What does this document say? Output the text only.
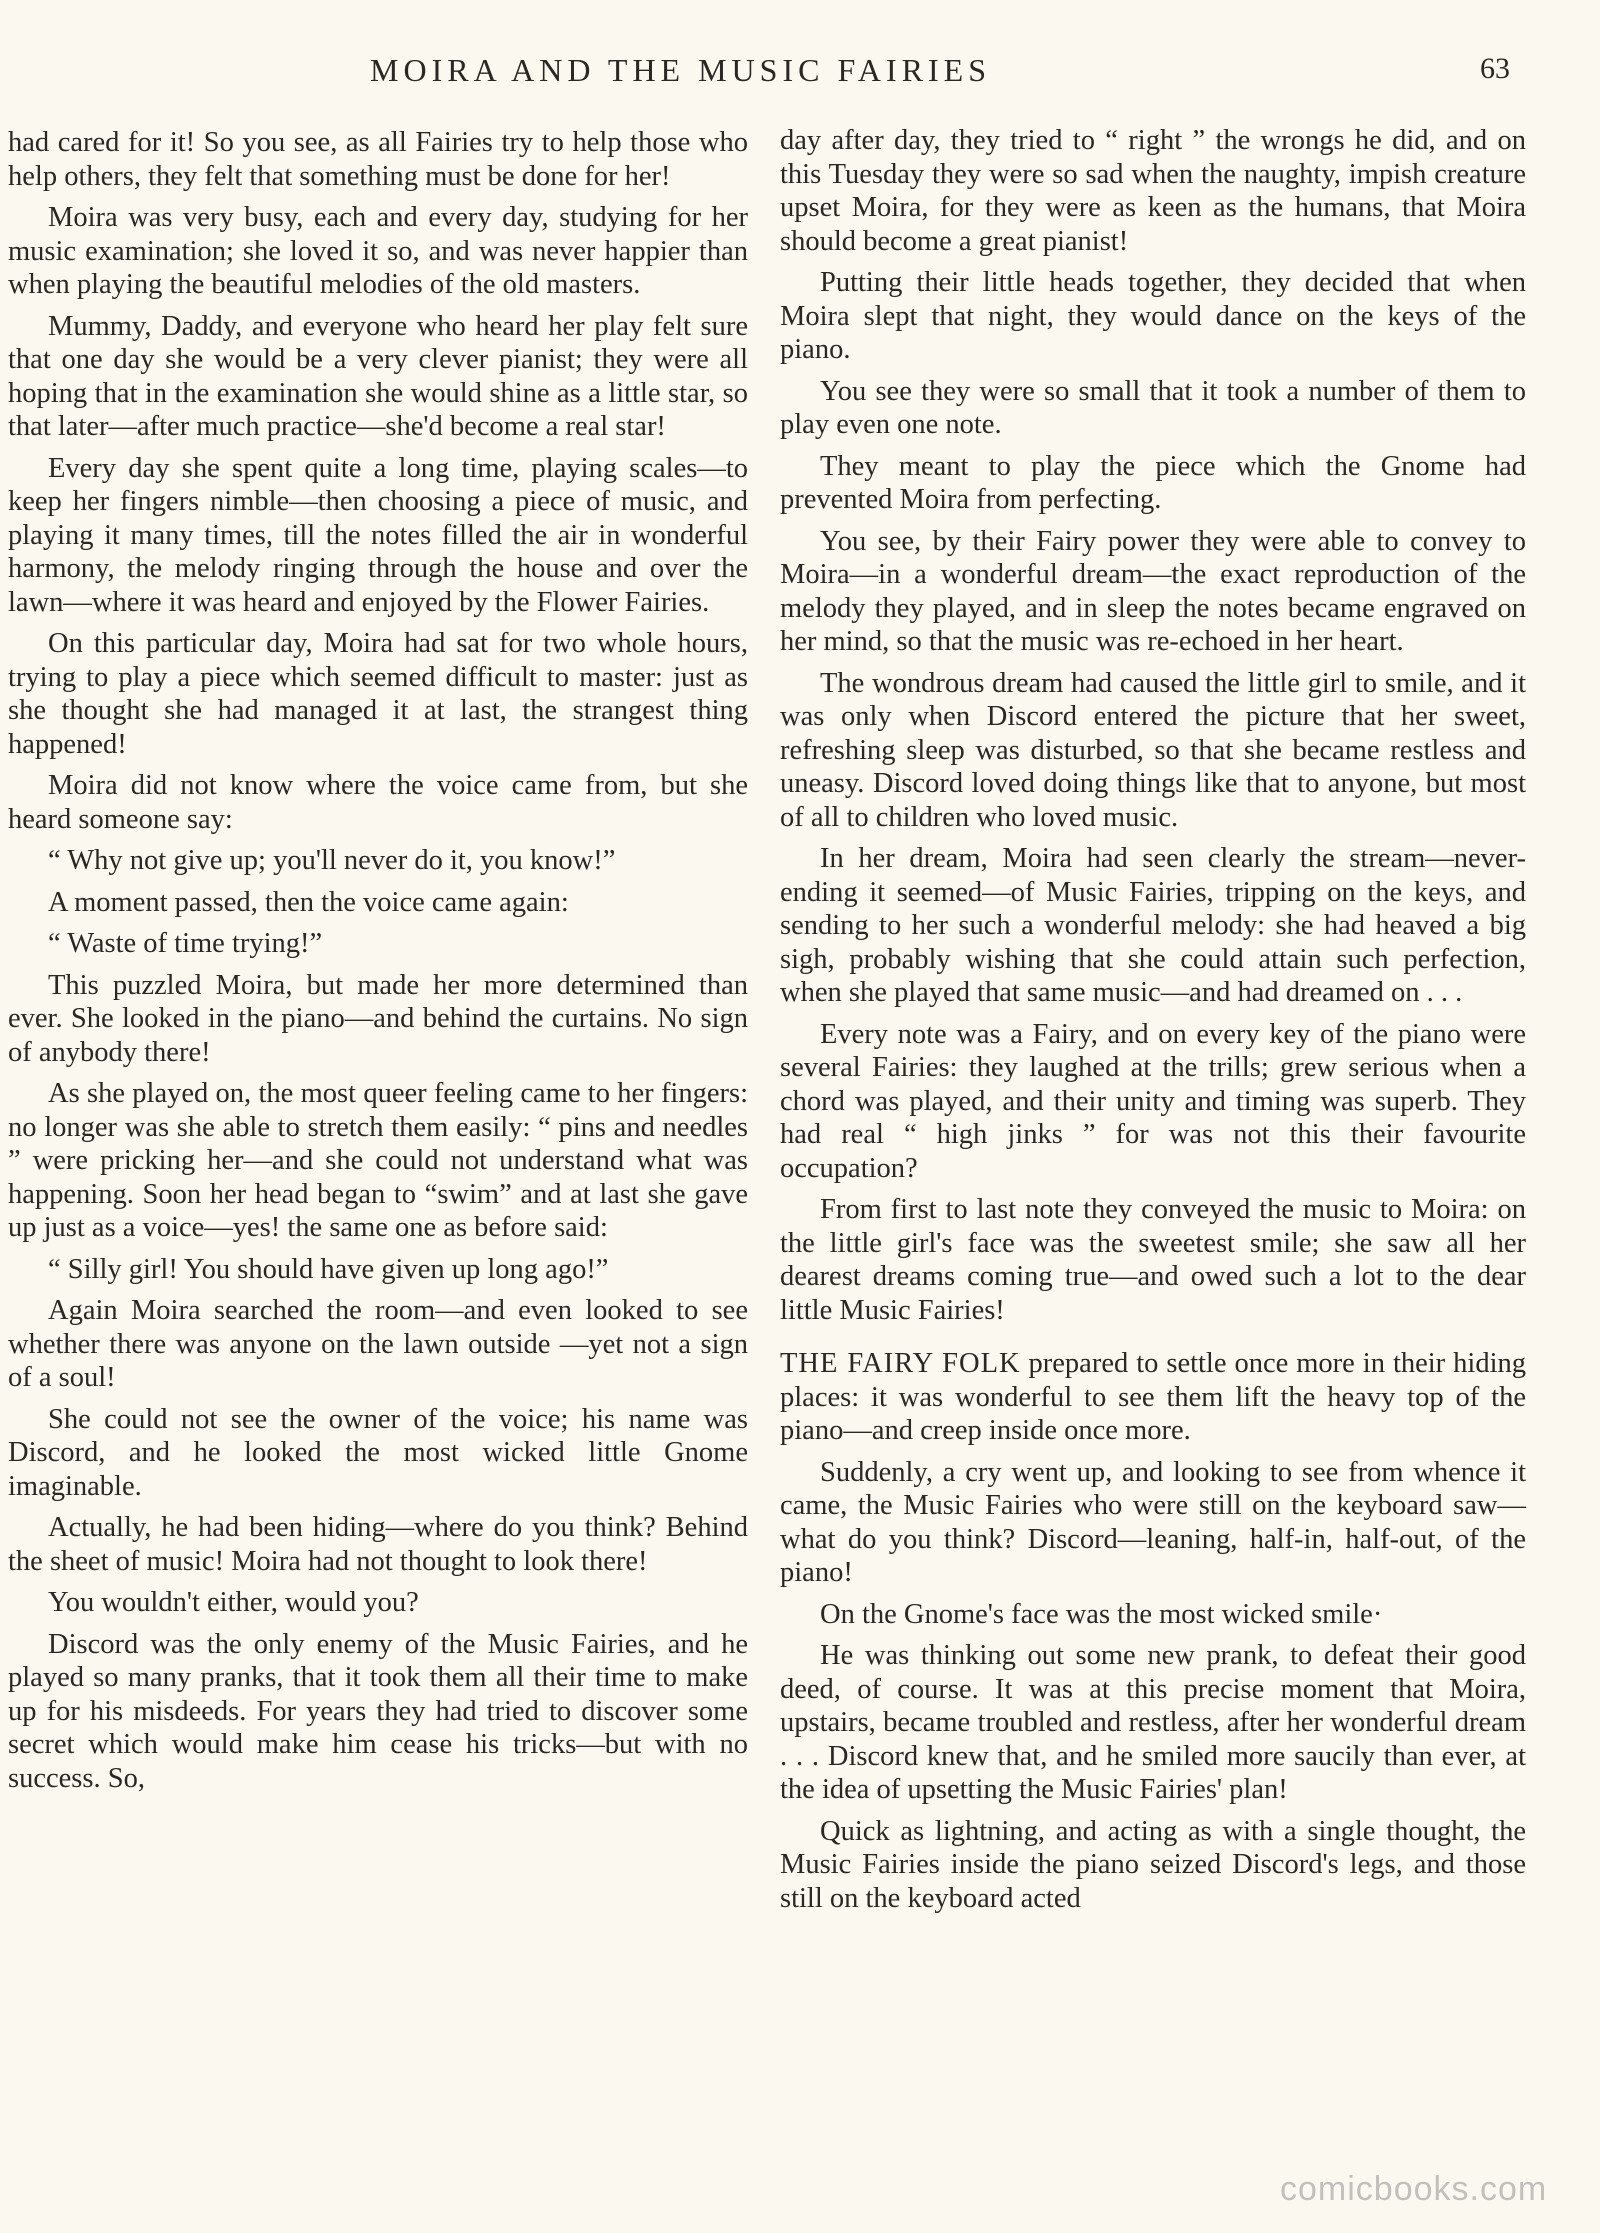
MOIRA AND THE MUSIC FAIRIES	63

had cared for it! So you see, as all Fairies try to help those who help others, they felt that something must be done for her!

Moira was very busy, each and every day, studying for her music examination; she loved it so, and was never happier than when playing the beautiful melodies of the old masters.

Mummy, Daddy, and everyone who heard her play felt sure that one day she would be a very clever pianist; they were all hoping that in the examination she would shine as a little star, so that later—after much practice—she'd become a real star!

Every day she spent quite a long time, playing scales—to keep her fingers nimble—then choosing a piece of music, and playing it many times, till the notes filled the air in wonderful harmony, the melody ringing through the house and over the lawn—where it was heard and enjoyed by the Flower Fairies.

On this particular day, Moira had sat for two whole hours, trying to play a piece which seemed difficult to master: just as she thought she had managed it at last, the strangest thing happened!

Moira did not know where the voice came from, but she heard someone say:

“ Why not give up; you'll never do it, you know!”

A moment passed, then the voice came again:

“ Waste of time trying!”

This puzzled Moira, but made her more determined than ever. She looked in the piano—and behind the curtains. No sign of anybody there!

As she played on, the most queer feeling came to her fingers: no longer was she able to stretch them easily: “ pins and needles ” were pricking her—and she could not understand what was happening. Soon her head began to “swim” and at last she gave up just as a voice—yes! the same one as before said:

“ Silly girl! You should have given up long ago!”

Again Moira searched the room—and even looked to see whether there was anyone on the lawn outside —yet not a sign of a soul!

She could not see the owner of the voice; his name was Discord, and he looked the most wicked little Gnome imaginable.

Actually, he had been hiding—where do you think? Behind the sheet of music! Moira had not thought to look there!

You wouldn't either, would you?

Discord was the only enemy of the Music Fairies, and he played so many pranks, that it took them all their time to make up for his misdeeds. For years they had tried to discover some secret which would make him cease his tricks—but with no success. So,

day after day, they tried to “ right ” the wrongs he did, and on this Tuesday they were so sad when the naughty, impish creature upset Moira, for they were as keen as the humans, that Moira should become a great pianist!

Putting their little heads together, they decided that when Moira slept that night, they would dance on the keys of the piano.

You see they were so small that it took a number of them to play even one note.

They meant to play the piece which the Gnome had prevented Moira from perfecting.

You see, by their Fairy power they were able to convey to Moira—in a wonderful dream—the exact reproduction of the melody they played, and in sleep the notes became engraved on her mind, so that the music was re-echoed in her heart.

The wondrous dream had caused the little girl to smile, and it was only when Discord entered the picture that her sweet, refreshing sleep was disturbed, so that she became restless and uneasy. Discord loved doing things like that to anyone, but most of all to children who loved music.

In her dream, Moira had seen clearly the stream—never-ending it seemed—of Music Fairies, tripping on the keys, and sending to her such a wonderful melody: she had heaved a big sigh, probably wishing that she could attain such perfection, when she played that same music—and had dreamed on . . .

Every note was a Fairy, and on every key of the piano were several Fairies: they laughed at the trills; grew serious when a chord was played, and their unity and timing was superb. They had real “ high jinks ” for was not this their favourite occupation?

From first to last note they conveyed the music to Moira: on the little girl's face was the sweetest smile; she saw all her dearest dreams coming true—and owed such a lot to the dear little Music Fairies!

THE FAIRY FOLK prepared to settle once more in their hiding places: it was wonderful to see them lift the heavy top of the piano—and creep inside once more.

Suddenly, a cry went up, and looking to see from whence it came, the Music Fairies who were still on the keyboard saw—what do you think? Discord—leaning, half-in, half-out, of the piano!

On the Gnome's face was the most wicked smile·

He was thinking out some new prank, to defeat their good deed, of course. It was at this precise moment that Moira, upstairs, became troubled and restless, after her wonderful dream . . . Discord knew that, and he smiled more saucily than ever, at the idea of upsetting the Music Fairies' plan!

Quick as lightning, and acting as with a single thought, the Music Fairies inside the piano seized Discord's legs, and those still on the keyboard acted

comicbooks.com
